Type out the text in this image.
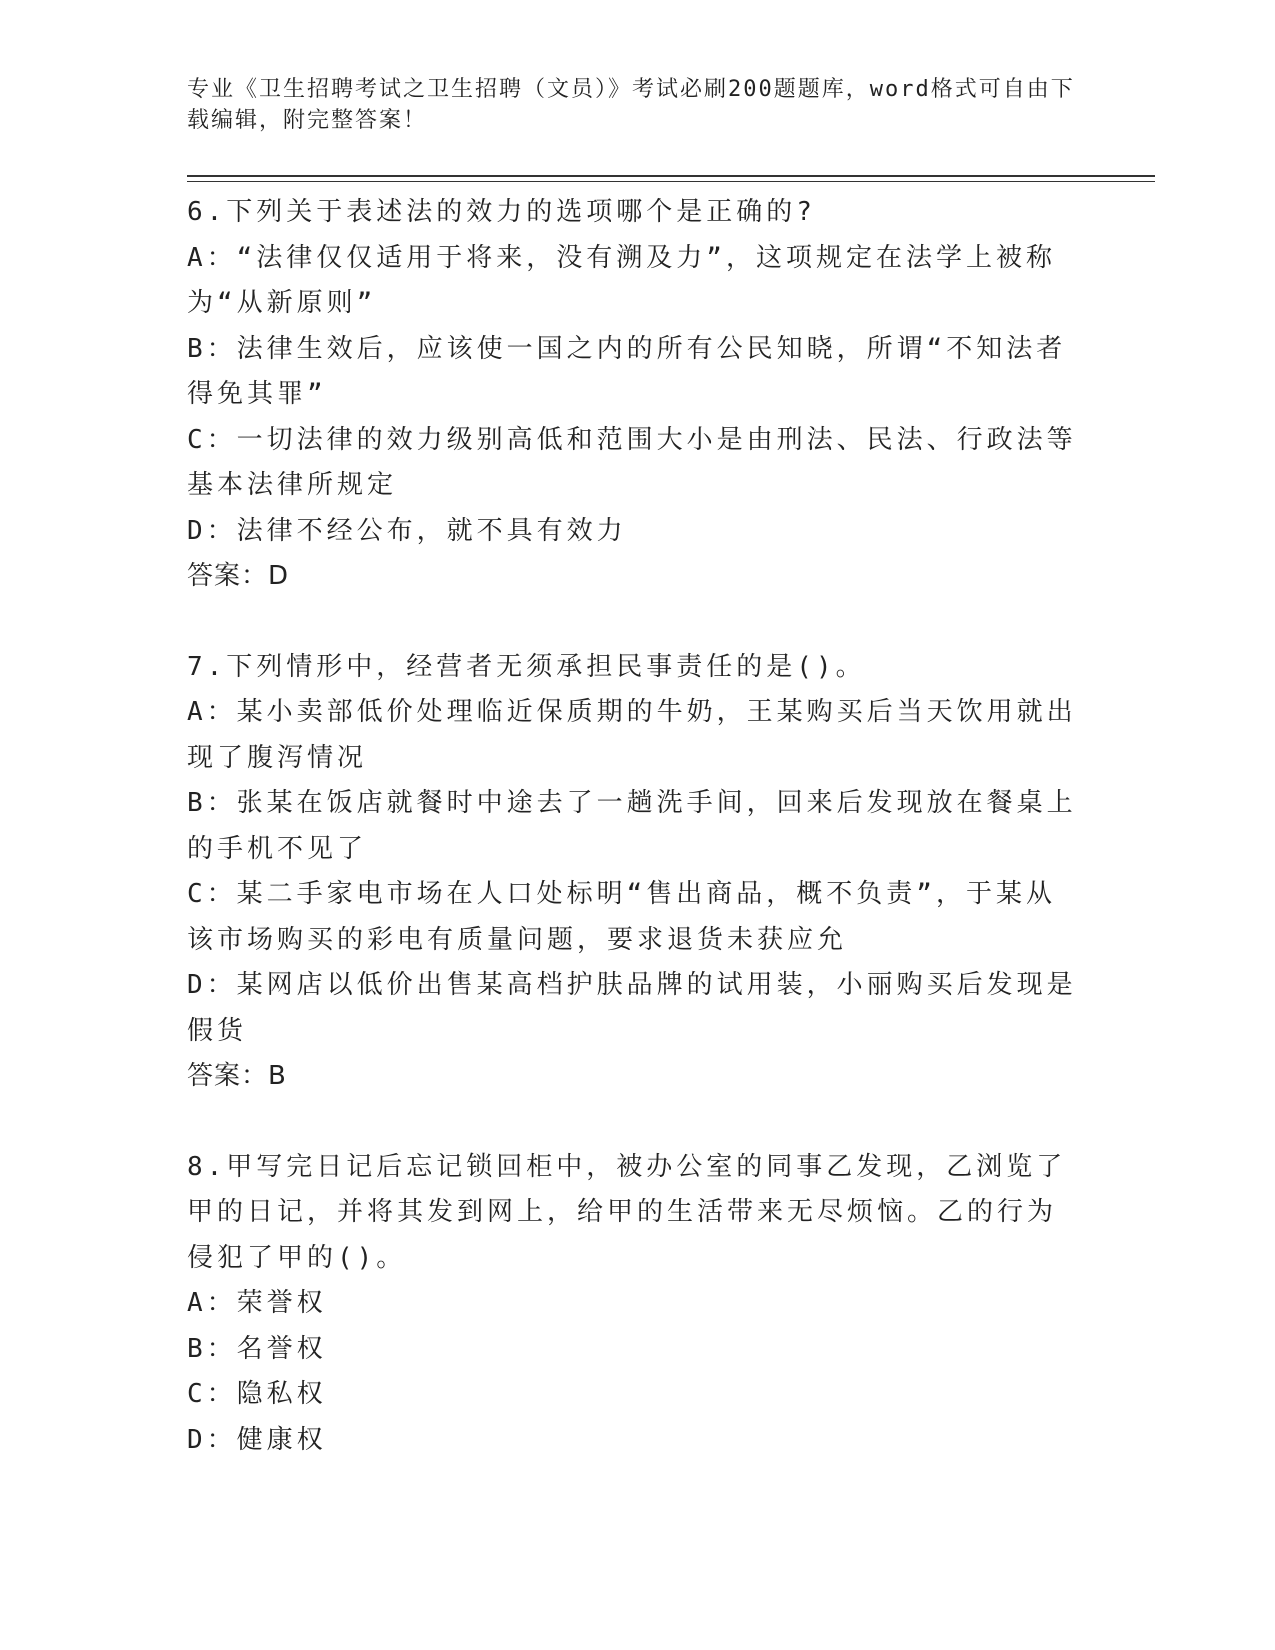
专业《卫生招聘考试之卫生招聘（文员）》考试必刷200题题库，word格式可自由下载编辑，附完整答案！

6.下列关于表述法的效力的选项哪个是正确的?

A：“法律仅仅适用于将来，没有溯及力”，这项规定在法学上被称为“从新原则”

B：法律生效后，应该使一国之内的所有公民知晓，所谓“不知法者得免其罪”

C：一切法律的效力级别高低和范围大小是由刑法、民法、行政法等基本法律所规定

D：法律不经公布，就不具有效力

答案：D

7.下列情形中，经营者无须承担民事责任的是()。

A：某小卖部低价处理临近保质期的牛奶，王某购买后当天饮用就出现了腹泻情况

B：张某在饭店就餐时中途去了一趟洗手间，回来后发现放在餐桌上的手机不见了

C：某二手家电市场在人口处标明“售出商品，概不负责”，于某从该市场购买的彩电有质量问题，要求退货未获应允

D：某网店以低价出售某高档护肤品牌的试用装，小丽购买后发现是假货

答案：B

8.甲写完日记后忘记锁回柜中，被办公室的同事乙发现，乙浏览了甲的日记，并将其发到网上，给甲的生活带来无尽烦恼。乙的行为侵犯了甲的()。

A：荣誉权

B：名誉权

C：隐私权

D：健康权
